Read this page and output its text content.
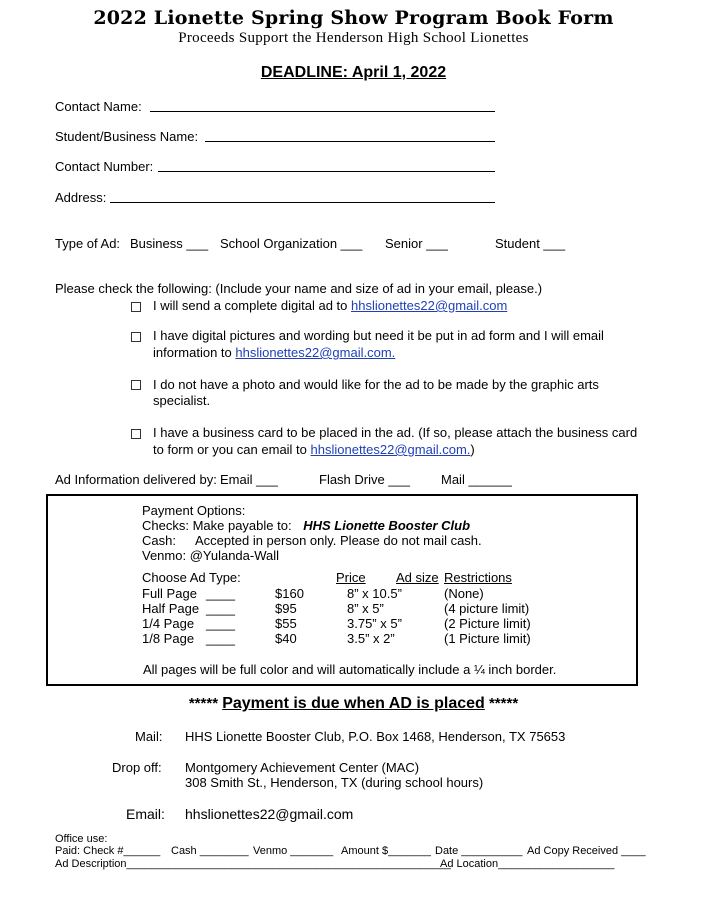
2022 Lionette Spring Show Program Book Form
Proceeds Support the Henderson High School Lionettes
DEADLINE: April 1, 2022
Contact Name:
Student/Business Name:
Contact Number:
Address:
Type of Ad: Business ___ School Organization ___ Senior ___	Student ___
Please check the following: (Include your name and size of ad in your email, please.)
I will send a complete digital ad to hhslionettes22@gmail.com
I have digital pictures and wording but need it be put in ad form and I will email
information to hhslionettes22@gmail.com.
I do not have a photo and would like for the ad to be made by the graphic arts
specialist.
I have a business card to be placed in the ad. (If so, please attach the business card
to form or you can email to hhslionettes22@gmail.com.)
Ad Information delivered by: Email ___	Flash Drive ___ Mail ______
Payment Options:
Checks: Make payable to: HHS Lionette Booster Club
Cash: Accepted in person only. Please do not mail cash.
Venmo: @Yulanda-Wall
Choose Ad Type:	Price Ad size Restrictions
Full Page ____	$160	8” x 10.5”	(None)
Half Page ____	$95	8” x 5”	(4 picture limit)
1/4 Page ____	$55	3.75” x 5”	(2 Picture limit)
1/8 Page ____	$40	3.5” x 2”	(1 Picture limit)
All pages will be full color and will automatically include a ¼ inch border.
***** Payment is due when AD is placed *****
Mail: HHS Lionette Booster Club, P.O. Box 1468, Henderson, TX 75653
Drop off: Montgomery Achievement Center (MAC)
308 Smith St., Henderson, TX (during school hours)
Email: hhslionettes22@gmail.com
Office use:
Paid: Check #______ Cash ________ Venmo _______ Amount $_______ Date __________ Ad Copy Received ____
Ad Description_____________________________________________________
Ad Location___________________
